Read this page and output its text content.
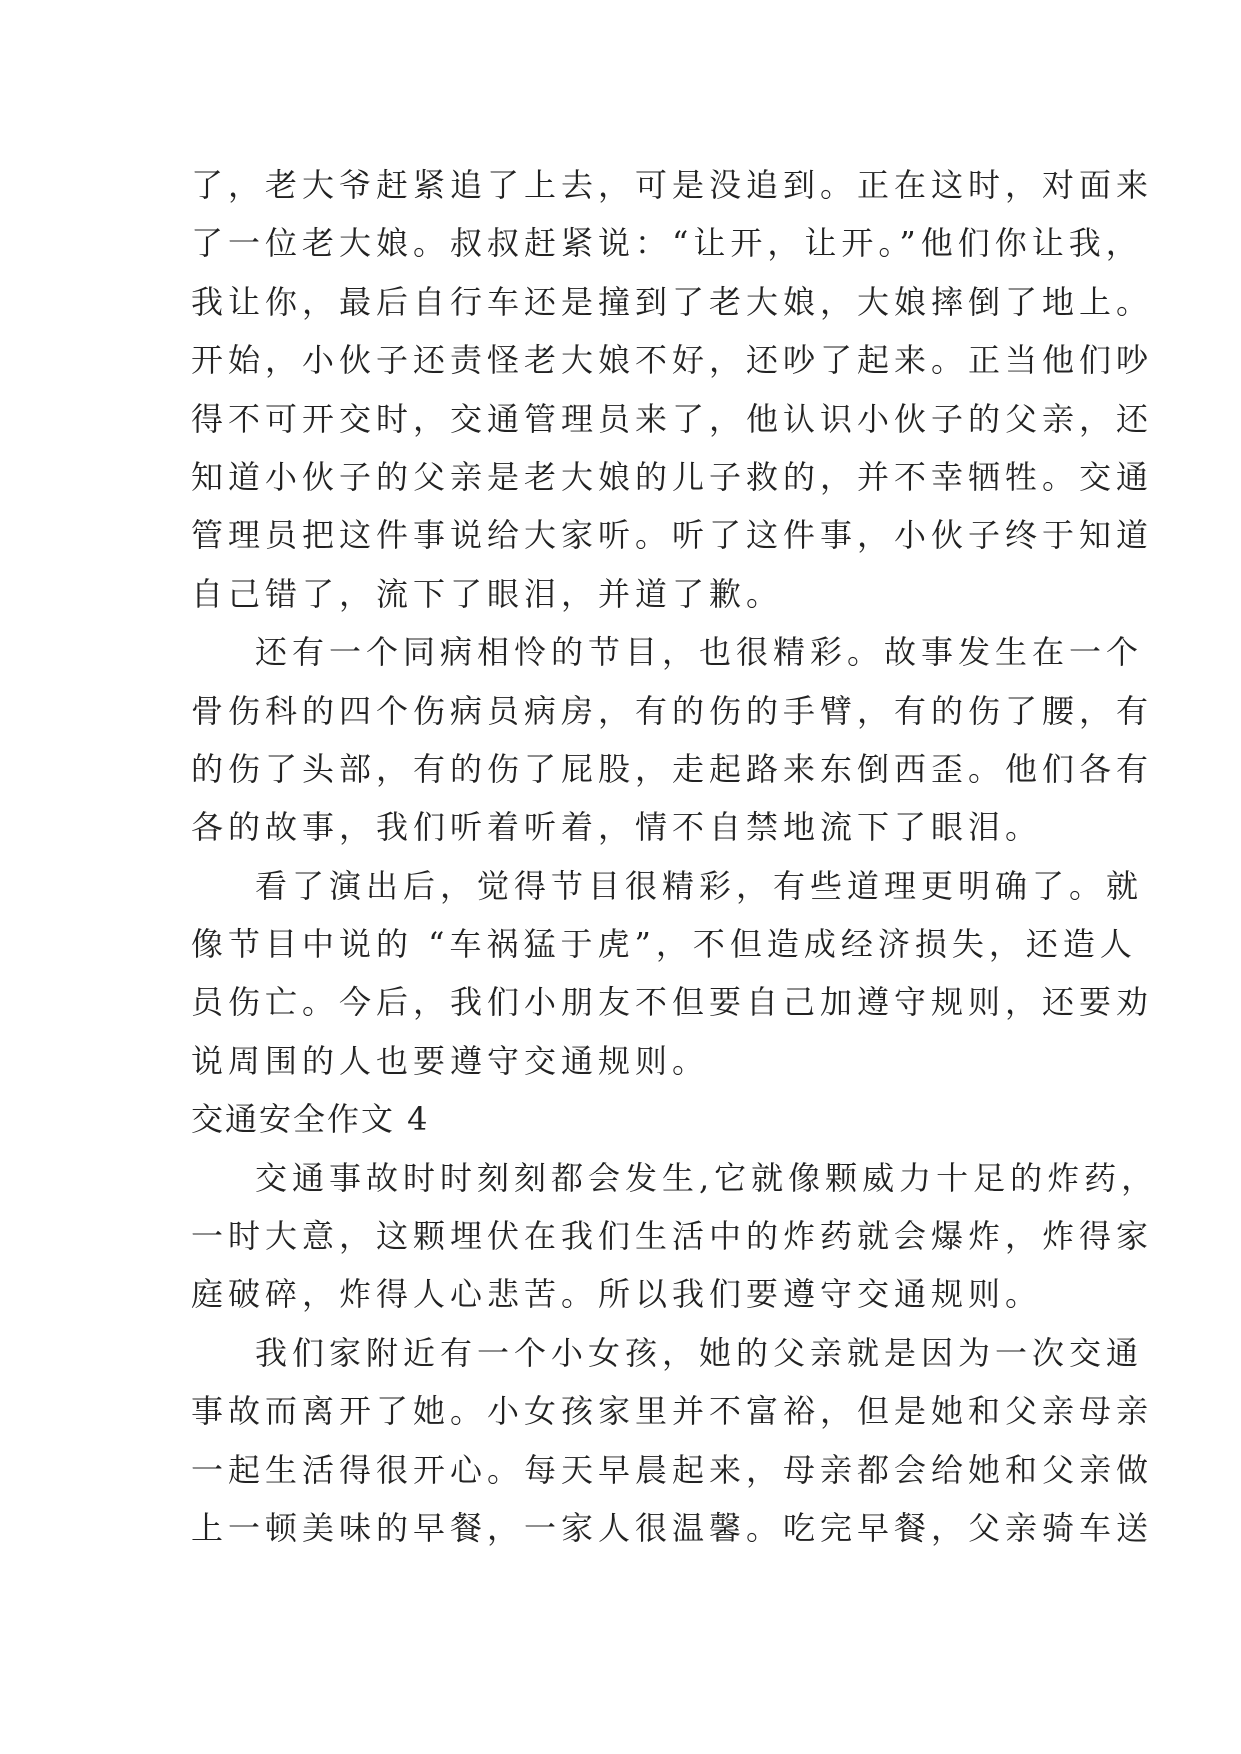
了，老大爷赶紧追了上去，可是没追到。正在这时，对面来
了一位老大娘。叔叔赶紧说：“让开，让开。”他们你让我，
我让你，最后自行车还是撞到了老大娘，大娘摔倒了地上。
开始，小伙子还责怪老大娘不好，还吵了起来。正当他们吵
得不可开交时，交通管理员来了，他认识小伙子的父亲，还
知道小伙子的父亲是老大娘的儿子救的，并不幸牺牲。交通
管理员把这件事说给大家听。听了这件事，小伙子终于知道
自己错了，流下了眼泪，并道了歉。
还有一个同病相怜的节目，也很精彩。故事发生在一个
骨伤科的四个伤病员病房，有的伤的手臂，有的伤了腰，有
的伤了头部，有的伤了屁股，走起路来东倒西歪。他们各有
各的故事，我们听着听着，情不自禁地流下了眼泪。
看了演出后，觉得节目很精彩，有些道理更明确了。就
像节目中说的 “车祸猛于虎”，不但造成经济损失，还造人
员伤亡。今后，我们小朋友不但要自己加遵守规则，还要劝
说周围的人也要遵守交通规则。
交通安全作文 4
交通事故时时刻刻都会发生,它就像颗威力十足的炸药，
一时大意，这颗埋伏在我们生活中的炸药就会爆炸，炸得家
庭破碎，炸得人心悲苦。所以我们要遵守交通规则。
我们家附近有一个小女孩，她的父亲就是因为一次交通
事故而离开了她。小女孩家里并不富裕，但是她和父亲母亲
一起生活得很开心。每天早晨起来，母亲都会给她和父亲做
上一顿美味的早餐，一家人很温馨。吃完早餐，父亲骑车送
